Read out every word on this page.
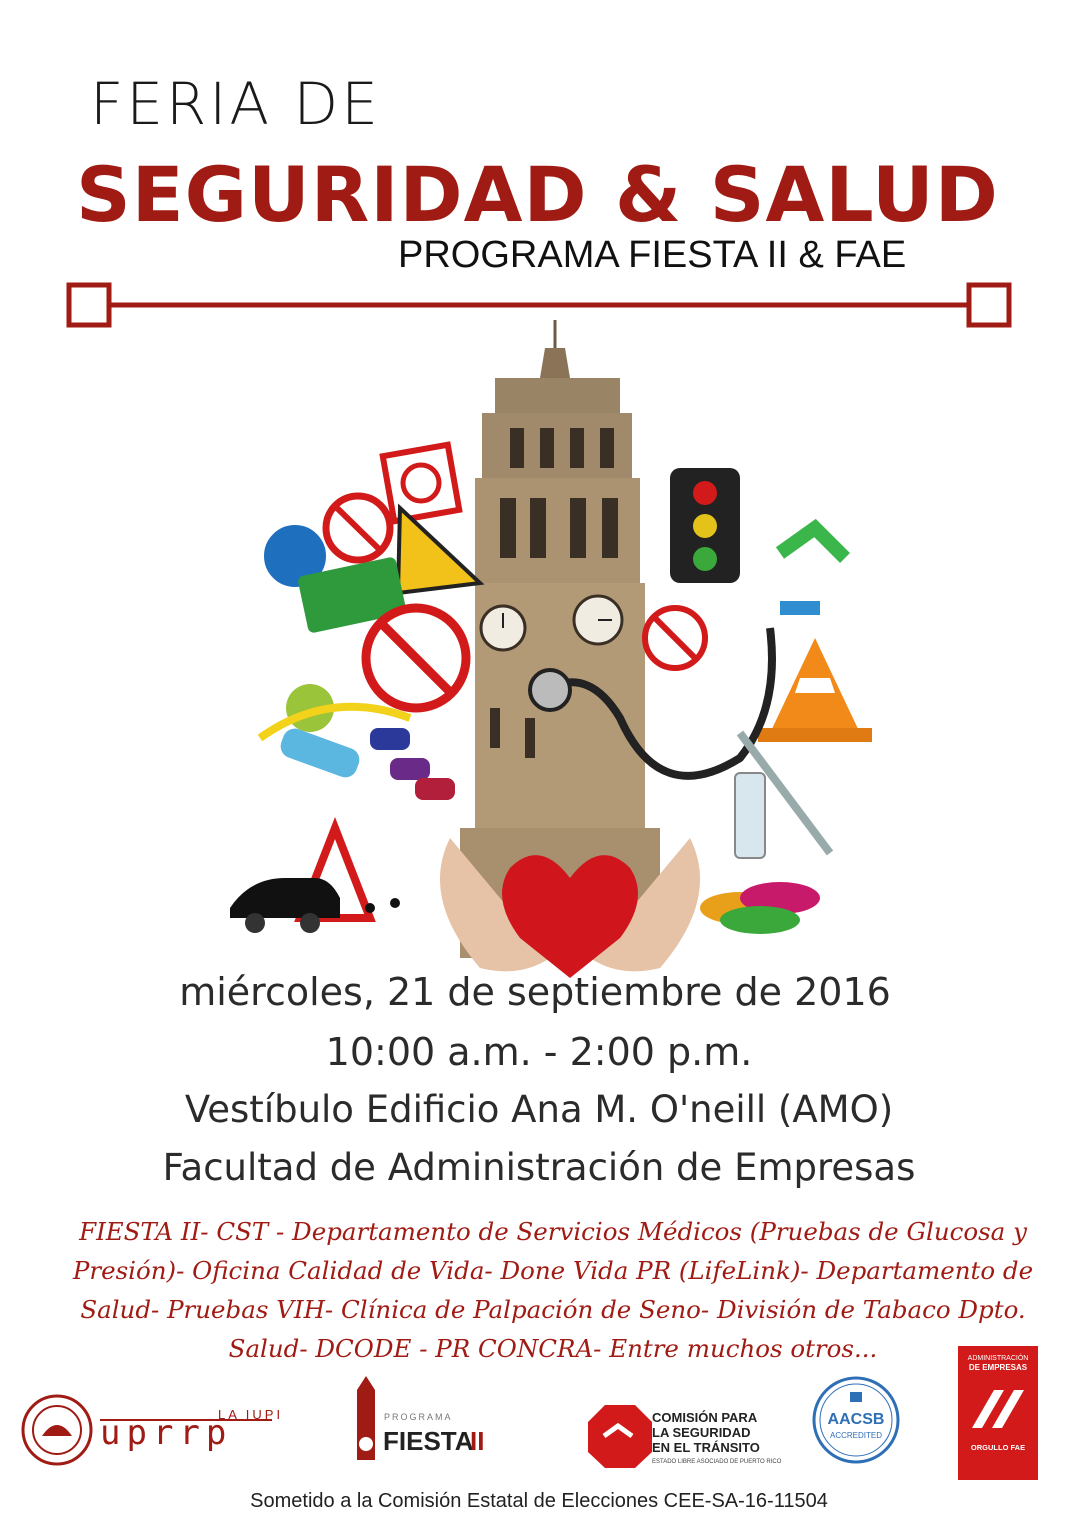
FERIA DE
SEGURIDAD & SALUD
PROGRAMA FIESTA II & FAE
miércoles, 21 de septiembre de 2016
10:00 a.m. - 2:00 p.m.
Vestíbulo Edificio Ana M. O'neill (AMO)
Facultad de Administración de Empresas
FIESTA II- CST - Departamento de Servicios Médicos (Pruebas de Glucosa y
Presión)- Oficina Calidad de Vida- Done Vida PR (LifeLink)- Departamento de
Salud- Pruebas VIH- Clínica de Palpación de Seno- División de Tabaco Dpto.
Salud- DCODE - PR CONCRA- Entre muchos otros...
LA IUPI
uprrp	PROGRAMA
FIESTA
II
COMISIÓN PARA
LA SEGURIDAD
EN EL TRÁNSITO
ESTADO LIBRE ASOCIADO DE PUERTO RICO
AACSB
ACCREDITED
ADMINISTRACIÓN
DE EMPRESAS
ORGULLO FAE
Sometido a la Comisión Estatal de Elecciones CEE-SA-16-11504
